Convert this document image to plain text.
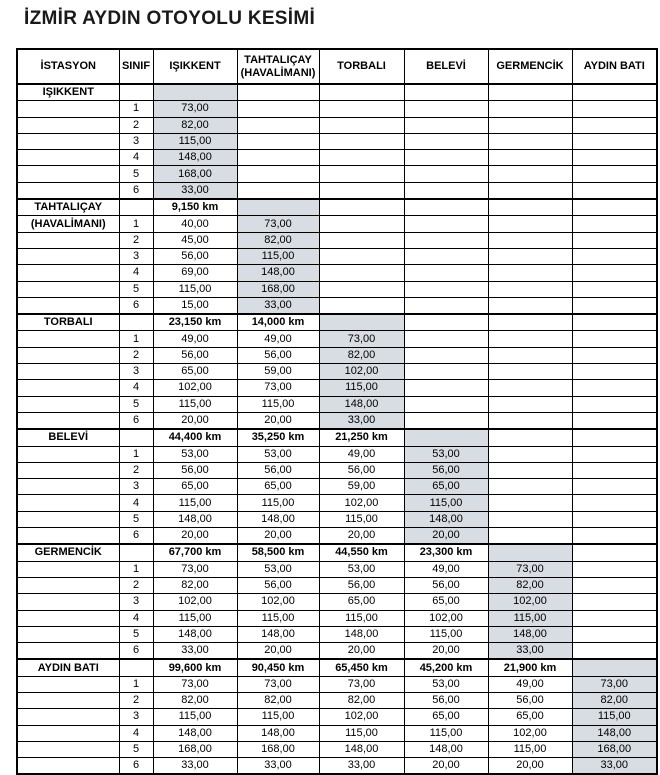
İZMİR AYDIN OTOYOLU KESİMİ
İSTASYON	SINIF	IŞIKKENT	TAHTALIÇAY
(HAVALİMANI)	TORBALI	BELEVİ	GERMENCİK	AYDIN BATI
IŞIKKENT							
	1	73,00					
	2	82,00					
	3	115,00					
	4	148,00					
	5	168,00					
	6	33,00					
TAHTALIÇAY		9,150 km					
(HAVALİMANI)	1	40,00	73,00				
	2	45,00	82,00				
	3	56,00	115,00				
	4	69,00	148,00				
	5	115,00	168,00				
	6	15,00	33,00				
TORBALI		23,150 km	14,000 km				
	1	49,00	49,00	73,00			
	2	56,00	56,00	82,00			
	3	65,00	59,00	102,00			
	4	102,00	73,00	115,00			
	5	115,00	115,00	148,00			
	6	20,00	20,00	33,00			
BELEVİ		44,400 km	35,250 km	21,250 km			
	1	53,00	53,00	49,00	53,00		
	2	56,00	56,00	56,00	56,00		
	3	65,00	65,00	59,00	65,00		
	4	115,00	115,00	102,00	115,00		
	5	148,00	148,00	115,00	148,00		
	6	20,00	20,00	20,00	20,00		
GERMENCİK		67,700 km	58,500 km	44,550 km	23,300 km		
	1	73,00	53,00	53,00	49,00	73,00	
	2	82,00	56,00	56,00	56,00	82,00	
	3	102,00	102,00	65,00	65,00	102,00	
	4	115,00	115,00	115,00	102,00	115,00	
	5	148,00	148,00	148,00	115,00	148,00	
	6	33,00	20,00	20,00	20,00	33,00	
AYDIN BATI		99,600 km	90,450 km	65,450 km	45,200 km	21,900 km	
	1	73,00	73,00	73,00	53,00	49,00	73,00
	2	82,00	82,00	82,00	56,00	56,00	82,00
	3	115,00	115,00	102,00	65,00	65,00	115,00
	4	148,00	148,00	115,00	115,00	102,00	148,00
	5	168,00	168,00	148,00	148,00	115,00	168,00
	6	33,00	33,00	33,00	20,00	20,00	33,00
